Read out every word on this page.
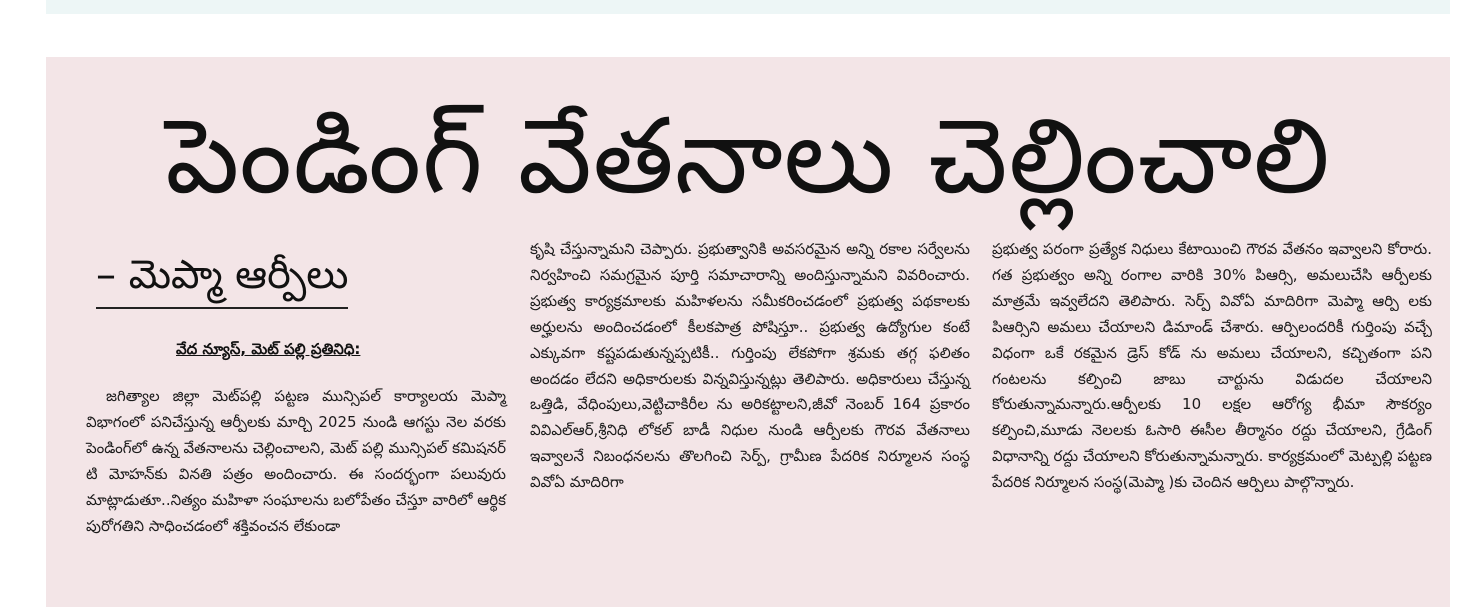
పెండింగ్ వేతనాలు చెల్లించాలి
– మెప్మా ఆర్పీలు
వేద న్యూస్, మెట్ పల్లి ప్రతినిధి:

జగిత్యాల జిల్లా మెట్‌పల్లి పట్టణ మున్సిపల్ కార్యాలయ మెప్మా విభాగంలో పనిచేస్తున్న ఆర్పీలకు మార్చి 2025 నుండి ఆగస్టు నెల వరకు పెండింగ్‌లో ఉన్న వేతనాలను చెల్లించాలని, మెట్ పల్లి మున్సిపల్ కమిషనర్ టి మోహన్‌కు వినతి పత్రం అందించారు. ఈ సందర్భంగా పలువురు మాట్లాడుతూ..నిత్యం మహిళా సంఘాలను బలోపేతం చేస్తూ వారిలో ఆర్థిక పురోగతిని సాధించడంలో శక్తివంచన లేకుండా

కృషి చేస్తున్నామని చెప్పారు. ప్రభుత్వానికి అవసరమైన అన్ని రకాల సర్వేలను నిర్వహించి సమగ్రమైన పూర్తి సమాచారాన్ని అందిస్తున్నామని వివరించారు. ప్రభుత్వ కార్యక్రమాలకు మహిళలను సమీకరించడంలో ప్రభుత్వ పథకాలకు అర్హులను అందించడంలో కీలకపాత్ర పోషిస్తూ.. ప్రభుత్వ ఉద్యోగుల కంటే ఎక్కువగా కష్టపడుతున్నప్పటికీ.. గుర్తింపు లేకపోగా శ్రమకు తగ్గ ఫలితం అందడం లేదని అధికారులకు విన్నవిస్తున్నట్లు తెలిపారు. అధికారులు చేస్తున్న ఒత్తిడి, వేధింపులు,వెట్టిచాకిరీల ను అరికట్టాలని,జీవో నెంబర్ 164 ప్రకారం వివిఎల్ఆర్,శ్రీనిధి లోకల్ బాడీ నిధుల నుండి ఆర్పీలకు గౌరవ వేతనాలు ఇవ్వాలనే నిబంధనలను తొలగించి సెర్ప్, గ్రామీణ పేదరిక నిర్మూలన సంస్థ వివోఏ మాదిరిగా

ప్రభుత్వ పరంగా ప్రత్యేక నిధులు కేటాయించి గౌరవ వేతనం ఇవ్వాలని కోరారు. గత ప్రభుత్వం అన్ని రంగాల వారికి 30% పిఆర్సి, అమలుచేసి ఆర్పీలకు మాత్రమే ఇవ్వలేదని తెలిపారు. సెర్ప్ వివోఏ మాదిరిగా మెప్మా ఆర్పి లకు పిఆర్సిని అమలు చేయాలని డిమాండ్ చేశారు. ఆర్పిలందరికీ గుర్తింపు వచ్చే విధంగా ఒకే రకమైన డ్రెస్ కోడ్ ను అమలు చేయాలని, కచ్చితంగా పని గంటలను కల్పించి జాబు చార్టును విడుదల చేయాలని కోరుతున్నామన్నారు.ఆర్పీలకు 10 లక్షల ఆరోగ్య భీమా సౌకర్యం కల్పించి,మూడు నెలలకు ఓసారి ఈసీల తీర్మానం రద్దు చేయాలని, గ్రేడింగ్ విధానాన్ని రద్దు చేయాలని కోరుతున్నామన్నారు. కార్యక్రమంలో మెట్పల్లి పట్టణ పేదరిక నిర్మూలన సంస్థ(మెప్మా )కు చెందిన ఆర్పిలు పాల్గొన్నారు.
